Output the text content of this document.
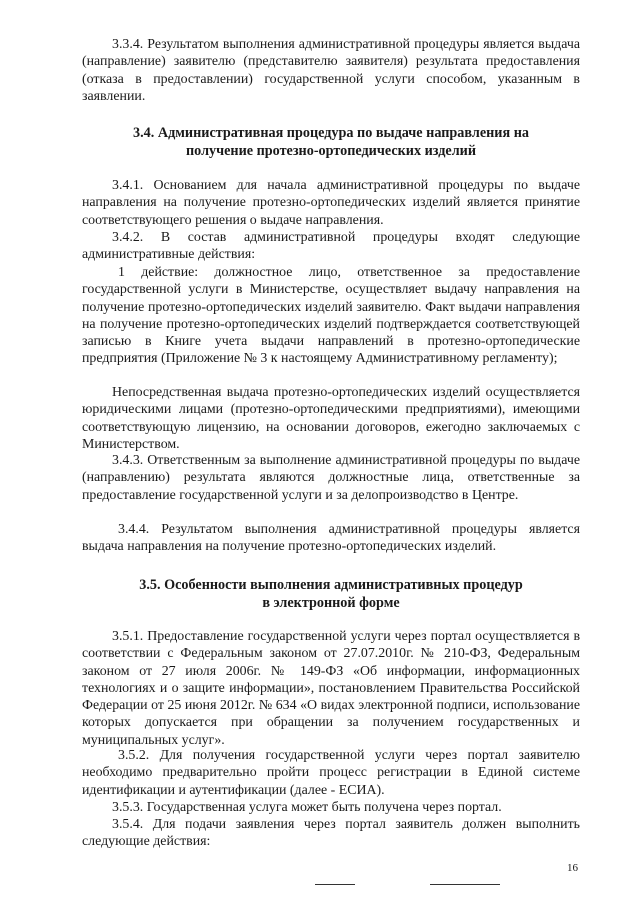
3.3.4. Результатом выполнения административной процедуры является выдача (направление) заявителю (представителю заявителя) результата предоставления (отказа в предоставлении) государственной услуги способом, указанным в заявлении.
3.4. Административная процедура по выдаче направления на
получение протезно-ортопедических изделий
3.4.1. Основанием для начала административной процедуры по выдаче направления на получение протезно-ортопедических изделий является принятие соответствующего решения о выдаче направления.
3.4.2. В состав административной процедуры входят следующие административные действия:
1 действие: должностное лицо, ответственное за предоставление государственной услуги в Министерстве, осуществляет выдачу направления на получение протезно-ортопедических изделий заявителю. Факт выдачи направления на получение протезно-ортопедических изделий подтверждается соответствующей записью в Книге учета выдачи направлений в протезно-ортопедические предприятия (Приложение № 3 к настоящему Административному регламенту);
Непосредственная выдача протезно-ортопедических изделий осуществляется юридическими лицами (протезно-ортопедическими предприятиями), имеющими соответствующую лицензию, на основании договоров, ежегодно заключаемых с Министерством.
3.4.3. Ответственным за выполнение административной процедуры по выдаче (направлению) результата являются должностные лица, ответственные за предоставление государственной услуги и за делопроизводство в Центре.
3.4.4. Результатом выполнения административной процедуры является выдача направления на получение протезно-ортопедических изделий.
3.5. Особенности выполнения административных процедур
в электронной форме
3.5.1. Предоставление государственной услуги через портал осуществляется в соответствии с Федеральным законом от 27.07.2010г. № 210-ФЗ, Федеральным законом от 27 июля 2006г. № 149-ФЗ «Об информации, информационных технологиях и о защите информации», постановлением Правительства Российской Федерации от 25 июня 2012г. № 634 «О видах электронной подписи, использование которых допускается при обращении за получением государственных и муниципальных услуг».
3.5.2. Для получения государственной услуги через портал заявителю необходимо предварительно пройти процесс регистрации в Единой системе идентификации и аутентификации (далее - ЕСИА).
3.5.3. Государственная услуга может быть получена через портал.
3.5.4. Для подачи заявления через портал заявитель должен выполнить следующие действия:
16
